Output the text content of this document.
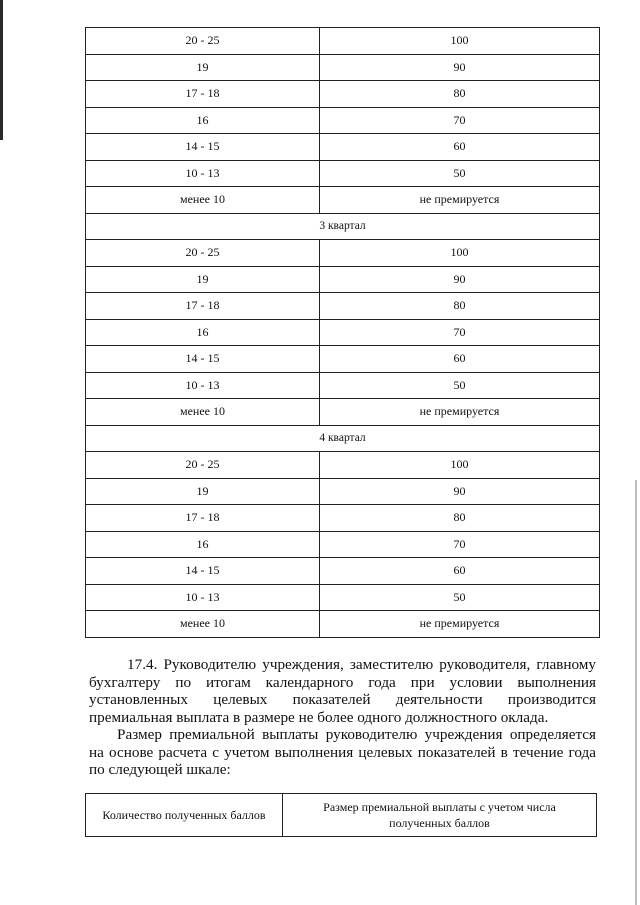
20 - 25	100
19	90
17 - 18	80
16	70
14 - 15	60
10 - 13	50
менее 10	не премируется
3 квартал	
20 - 25	100
19	90
17 - 18	80
16	70
14 - 15	60
10 - 13	50
менее 10	не премируется
4 квартал	
20 - 25	100
19	90
17 - 18	80
16	70
14 - 15	60
10 - 13	50
менее 10	не премируется
17.4. Руководителю учреждения, заместителю руководителя, главному
бухгалтеру по итогам календарного года при условии выполнения
установленных целевых показателей деятельности производится
премиальная выплата в размере не более одного должностного оклада.
Размер премиальной выплаты руководителю учреждения определяется на основе расчета с учетом выполнения целевых показателей в течение года по следующей шкале:
Количество полученных баллов	Размер премиальной выплаты с учетом числа полученных баллов
